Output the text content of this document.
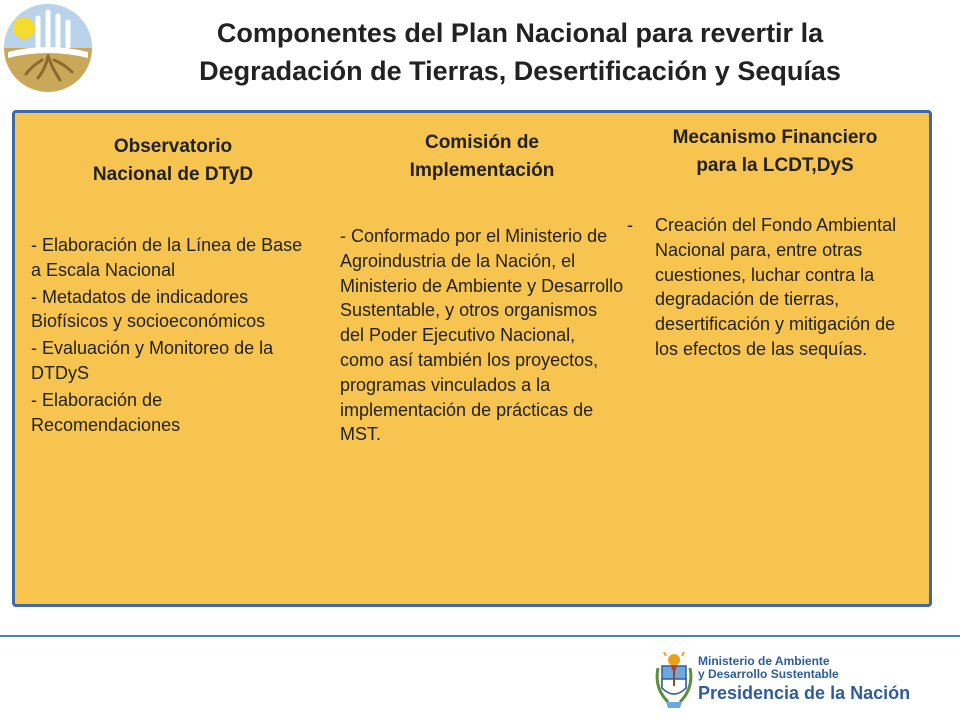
Componentes del Plan Nacional para revertir la
Degradación de Tierras, Desertificación y Sequías
Observatorio
Nacional de DTyD

- Elaboración de la Línea de Base a Escala Nacional

- Metadatos de indicadores Biofísicos y socioeconómicos

- Evaluación y Monitoreo de la DTDyS

- Elaboración de Recomendaciones

Comisión de
Implementación

- Conformado por el Ministerio de Agroindustria de la Nación, el Ministerio de Ambiente y Desarrollo Sustentable, y otros organismos del Poder Ejecutivo Nacional, como así también los proyectos, programas vinculados a la implementación de prácticas de MST.

Mecanismo Financiero
para la LCDT,DyS

-	Creación del Fondo Ambiental Nacional para, entre otras cuestiones, luchar contra la degradación de tierras, desertificación y mitigación de los efectos de las sequías.

Ministerio de Ambiente
y Desarrollo Sustentable
Presidencia de la Nación
